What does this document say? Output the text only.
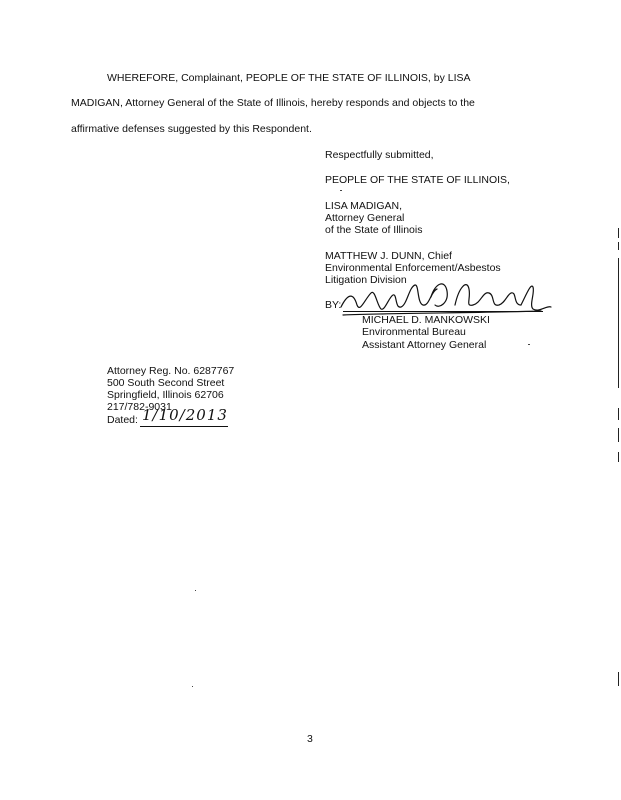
WHEREFORE, Complainant, PEOPLE OF THE STATE OF ILLINOIS, by LISA
MADIGAN, Attorney General of the State of Illinois, hereby responds and objects to the
affirmative defenses suggested by this Respondent.
Respectfully submitted,
PEOPLE OF THE STATE OF ILLINOIS,
LISA MADIGAN,
Attorney General
of the State of Illinois
MATTHEW J. DUNN, Chief
Environmental Enforcement/Asbestos
Litigation Division
BY:
MICHAEL D. MANKOWSKI
Environmental Bureau
Assistant Attorney General
Attorney Reg. No. 6287767
500 South Second Street
Springfield, Illinois 62706
217/782-9031
Dated: 1/10/2013
3
